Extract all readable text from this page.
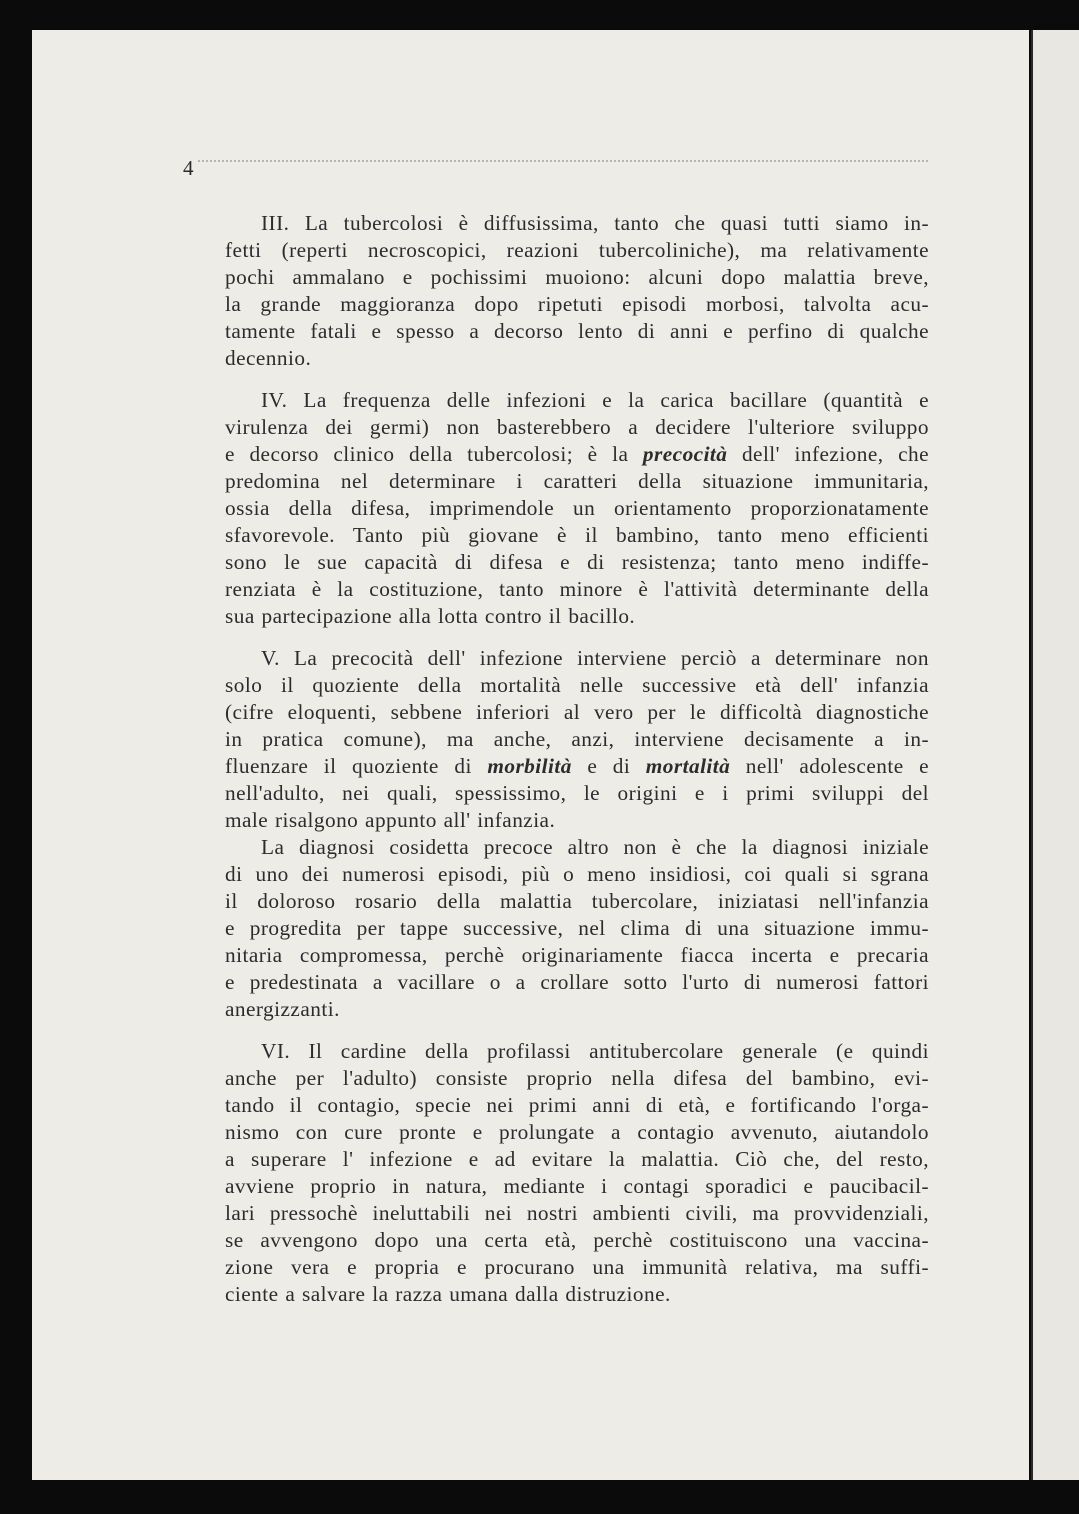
4
III. La tubercolosi è diffusissima, tanto che quasi tutti siamo in-
fetti (reperti necroscopici, reazioni tubercoliniche), ma relativamente
pochi ammalano e pochissimi muoiono: alcuni dopo malattia breve,
la grande maggioranza dopo ripetuti episodi morbosi, talvolta acu-
tamente fatali e spesso a decorso lento di anni e perfino di qualche
decennio.
IV. La frequenza delle infezioni e la carica bacillare (quantità e
virulenza dei germi) non basterebbero a decidere l'ulteriore sviluppo
e decorso clinico della tubercolosi; è la precocità dell' infezione, che
predomina nel determinare i caratteri della situazione immunitaria,
ossia della difesa, imprimendole un orientamento proporzionatamente
sfavorevole. Tanto più giovane è il bambino, tanto meno efficienti
sono le sue capacità di difesa e di resistenza; tanto meno indiffe-
renziata è la costituzione, tanto minore è l'attività determinante della
sua partecipazione alla lotta contro il bacillo.
V. La precocità dell' infezione interviene perciò a determinare non
solo il quoziente della mortalità nelle successive età dell' infanzia
(cifre eloquenti, sebbene inferiori al vero per le difficoltà diagnostiche
in pratica comune), ma anche, anzi, interviene decisamente a in-
fluenzare il quoziente di morbilità e di mortalità nell' adolescente e
nell'adulto, nei quali, spessissimo, le origini e i primi sviluppi del
male risalgono appunto all' infanzia.
La diagnosi cosidetta precoce altro non è che la diagnosi iniziale
di uno dei numerosi episodi, più o meno insidiosi, coi quali si sgrana
il doloroso rosario della malattia tubercolare, iniziatasi nell'infanzia
e progredita per tappe successive, nel clima di una situazione immu-
nitaria compromessa, perchè originariamente fiacca incerta e precaria
e predestinata a vacillare o a crollare sotto l'urto di numerosi fattori
anergizzanti.
VI. Il cardine della profilassi antitubercolare generale (e quindi
anche per l'adulto) consiste proprio nella difesa del bambino, evi-
tando il contagio, specie nei primi anni di età, e fortificando l'orga-
nismo con cure pronte e prolungate a contagio avvenuto, aiutandolo
a superare l' infezione e ad evitare la malattia. Ciò che, del resto,
avviene proprio in natura, mediante i contagi sporadici e paucibacil-
lari pressochè ineluttabili nei nostri ambienti civili, ma provvidenziali,
se avvengono dopo una certa età, perchè costituiscono una vaccina-
zione vera e propria e procurano una immunità relativa, ma suffi-
ciente a salvare la razza umana dalla distruzione.
